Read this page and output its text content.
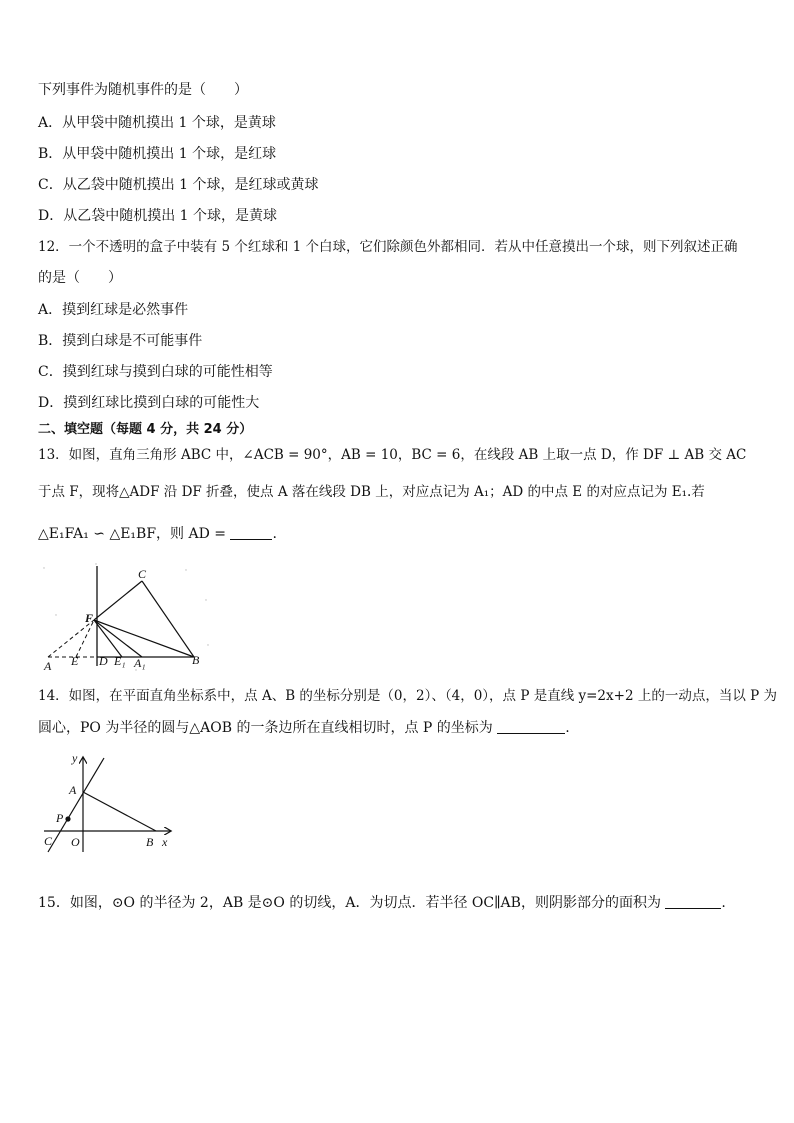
下列事件为随机事件的是（　　）
A．从甲袋中随机摸出 1 个球，是黄球
B．从甲袋中随机摸出 1 个球，是红球
C．从乙袋中随机摸出 1 个球，是红球或黄球
D．从乙袋中随机摸出 1 个球，是黄球
12．一个不透明的盒子中装有 5 个红球和 1 个白球，它们除颜色外都相同．若从中任意摸出一个球，则下列叙述正确
的是（　　）
A．摸到红球是必然事件
B．摸到白球是不可能事件
C．摸到红球与摸到白球的可能性相等
D．摸到红球比摸到白球的可能性大
二、填空题（每题 4 分，共 24 分）
13．如图，直角三角形 ABC 中，∠ACB = 90°，AB = 10，BC = 6，在线段 AB 上取一点 D，作 DF ⊥ AB 交 AC
于点 F，现将△ADF 沿 DF 折叠，使点 A 落在线段 DB 上，对应点记为 A₁；AD 的中点 E 的对应点记为 E₁.若
△E₁FA₁ ∽ △E₁BF，则 AD =	.
C
F
A E D E₁ A₁	B
14．如图，在平面直角坐标系中，点 A、B 的坐标分别是（0，2）、（4，0），点 P 是直线 y=2x+2 上的一动点，当以 P 为
圆心，PO 为半径的圆与△AOB 的一条边所在直线相切时，点 P 的坐标为	.
y
A
P
C O	B x
15．如图，⊙O 的半径为 2，AB 是⊙O 的切线，A．为切点．若半径 OC∥AB，则阴影部分的面积为	.
